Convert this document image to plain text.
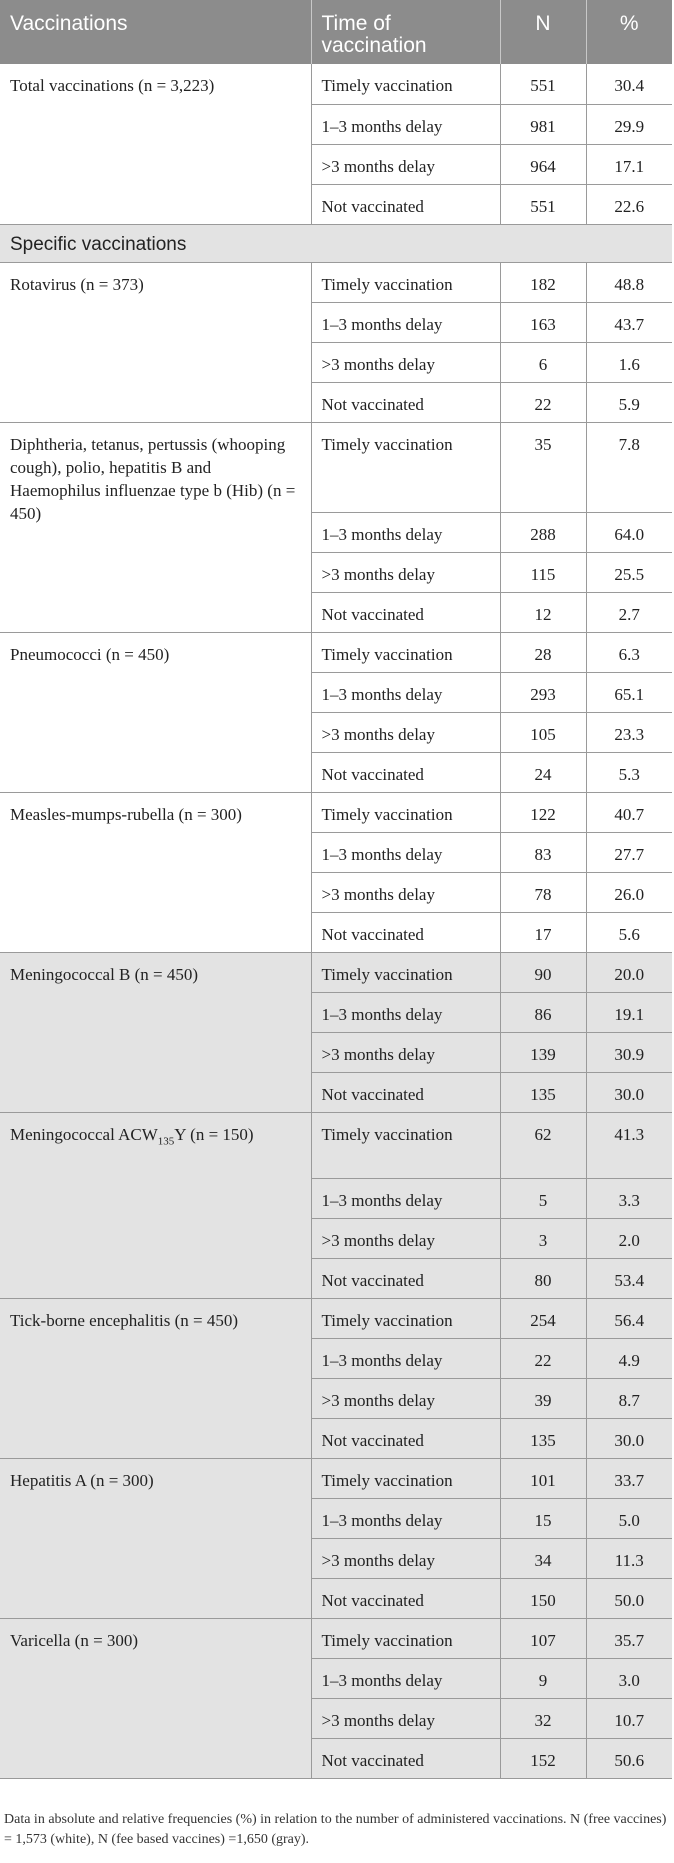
Vaccinations	Time of vaccination	N	%
Total vaccinations (n = 3,223)	Timely vaccination	551	30.4
	1–3 months delay	981	29.9
	>3 months delay	964	17.1
	Not vaccinated	551	22.6
Specific vaccinations			
Rotavirus (n = 373)	Timely vaccination	182	48.8
	1–3 months delay	163	43.7
	>3 months delay	6	1.6
	Not vaccinated	22	5.9
Diphtheria, tetanus, pertussis (whooping cough), polio, hepatitis B and Haemophilus influenzae type b (Hib) (n = 450)	Timely vaccination	35	7.8
	1–3 months delay	288	64.0
	>3 months delay	115	25.5
	Not vaccinated	12	2.7
Pneumococci (n = 450)	Timely vaccination	28	6.3
	1–3 months delay	293	65.1
	>3 months delay	105	23.3
	Not vaccinated	24	5.3
Measles-mumps-rubella (n = 300)	Timely vaccination	122	40.7
	1–3 months delay	83	27.7
	>3 months delay	78	26.0
	Not vaccinated	17	5.6
Meningococcal B (n = 450)	Timely vaccination	90	20.0
	1–3 months delay	86	19.1
	>3 months delay	139	30.9
	Not vaccinated	135	30.0
Meningococcal $ACW_{135}Y$ (n = 150)	Timely vaccination	62	41.3
	1–3 months delay	5	3.3
	>3 months delay	3	2.0
	Not vaccinated	80	53.4
Tick-borne encephalitis (n = 450)	Timely vaccination	254	56.4
	1–3 months delay	22	4.9
	>3 months delay	39	8.7
	Not vaccinated	135	30.0
Hepatitis A (n = 300)	Timely vaccination	101	33.7
	1–3 months delay	15	5.0
	>3 months delay	34	11.3
	Not vaccinated	150	50.0
Varicella (n = 300)	Timely vaccination	107	35.7
	1–3 months delay	9	3.0
	>3 months delay	32	10.7
	Not vaccinated	152	50.6
Data in absolute and relative frequencies (%) in relation to the number of administered vaccinations. N (free vaccines) = 1,573 (white), N (fee based vaccines) =1,650 (gray).
